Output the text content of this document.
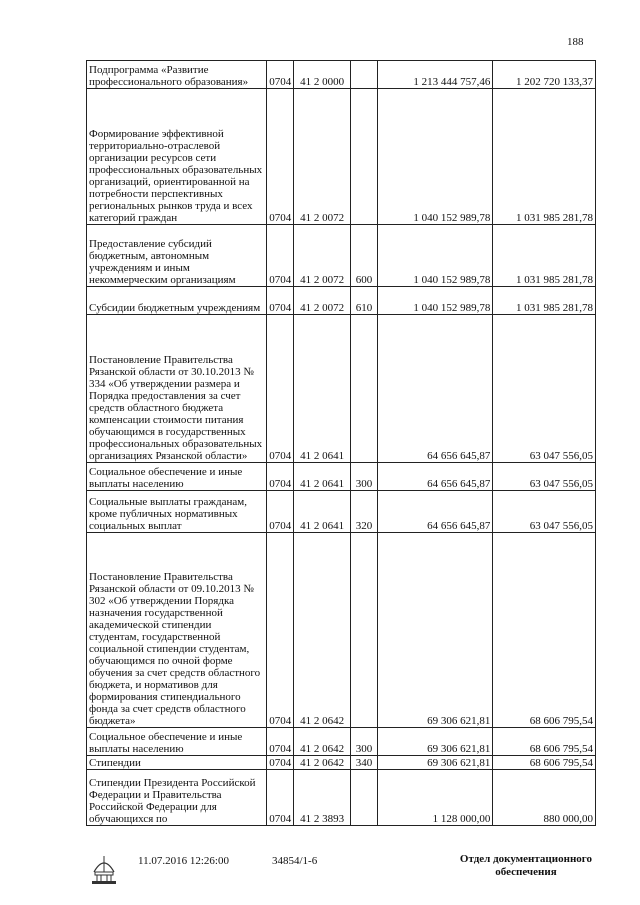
188
Подпрограмма «Развитие профессионального образования»	0704	41 2 0000		1 213 444 757,46	1 202 720 133,37
Формирование эффективной территориально-отраслевой организации ресурсов сети профессиональных образовательных организаций, ориентированной на потребности перспективных региональных рынков труда и всех категорий граждан	0704	41 2 0072		1 040 152 989,78	1 031 985 281,78
Предоставление субсидий бюджетным, автономным учреждениям и иным некоммерческим организациям	0704	41 2 0072	600	1 040 152 989,78	1 031 985 281,78
Субсидии бюджетным учреждениям	0704	41 2 0072	610	1 040 152 989,78	1 031 985 281,78
Постановление Правительства Рязанской области от 30.10.2013 № 334 «Об утверждении размера и Порядка предоставления за счет средств областного бюджета компенсации стоимости питания обучающимся в государственных профессиональных образовательных организациях Рязанской области»	0704	41 2 0641		64 656 645,87	63 047 556,05
Социальное обеспечение и иные выплаты населению	0704	41 2 0641	300	64 656 645,87	63 047 556,05
Социальные выплаты гражданам, кроме публичных нормативных социальных выплат	0704	41 2 0641	320	64 656 645,87	63 047 556,05
Постановление Правительства Рязанской области от 09.10.2013 № 302 «Об утверждении Порядка назначения государственной академической стипендии студентам, государственной социальной стипендии студентам, обучающимся по очной форме обучения за счет средств областного бюджета, и нормативов для формирования стипендиального фонда за счет средств областного бюджета»	0704	41 2 0642		69 306 621,81	68 606 795,54
Социальное обеспечение и иные выплаты населению	0704	41 2 0642	300	69 306 621,81	68 606 795,54
Стипендии	0704	41 2 0642	340	69 306 621,81	68 606 795,54
Стипендии Президента Российской Федерации и Правительства Российской Федерации для обучающихся по	0704	41 2 3893		1 128 000,00	880 000,00
11.07.2016 12:26:00	34854/1-6	Отдел документационного
обеспечения
